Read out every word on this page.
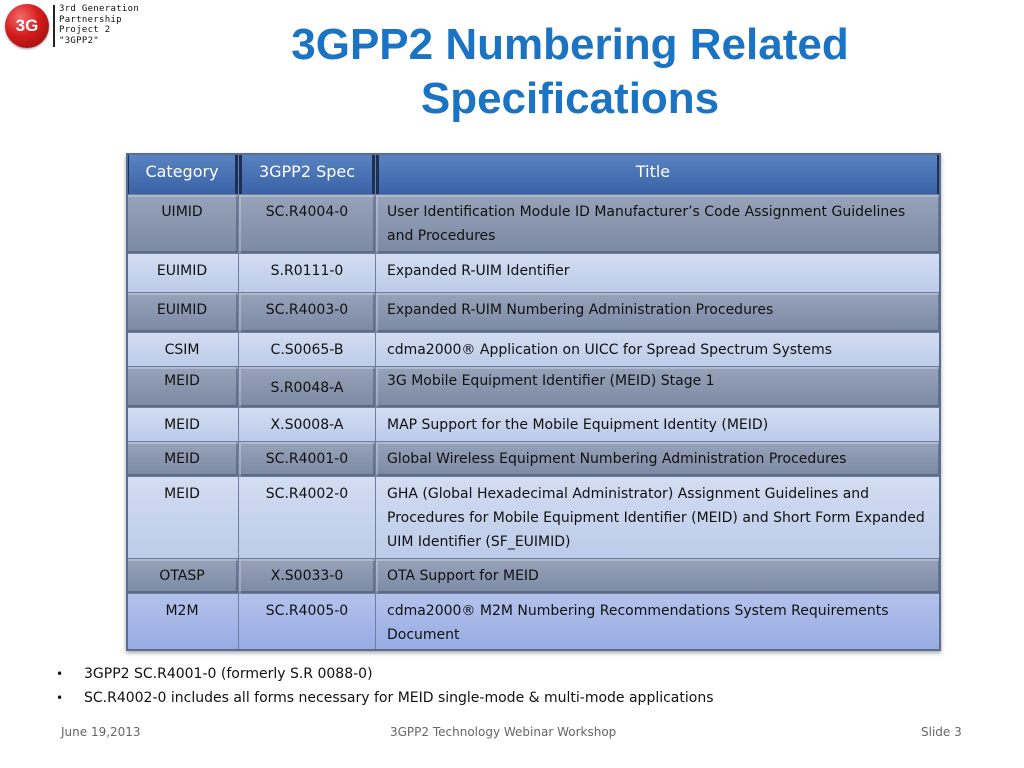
3G
3rd Generation
Partnership
Project 2
"3GPP2"	3GPP2 Numbering Related Specifications
Category	3GPP2 Spec	Title
UIMID	SC.R4004-0	User Identification Module ID Manufacturer’s Code Assignment Guidelines and Procedures
EUIMID	S.R0111-0	Expanded R-UIM Identifier
EUIMID	SC.R4003-0	Expanded R-UIM Numbering Administration Procedures
CSIM	C.S0065-B	cdma2000® Application on UICC for Spread Spectrum Systems
MEID	S.R0048-A	3G Mobile Equipment Identifier (MEID) Stage 1
MEID	X.S0008-A	MAP Support for the Mobile Equipment Identity (MEID)
MEID	SC.R4001-0	Global Wireless Equipment Numbering Administration Procedures
MEID	SC.R4002-0	GHA (Global Hexadecimal Administrator) Assignment Guidelines and Procedures for Mobile Equipment Identifier (MEID) and Short Form Expanded UIM Identifier (SF_EUIMID)
OTASP	X.S0033-0	OTA Support for MEID
M2M	SC.R4005-0	cdma2000® M2M Numbering Recommendations System Requirements Document
•	3GPP2 SC.R4001-0 (formerly S.R 0088-0)
•	SC.R4002-0 includes all forms necessary for MEID single-mode & multi-mode applications
June 19,2013	3GPP2 Technology Webinar Workshop	Slide 3
